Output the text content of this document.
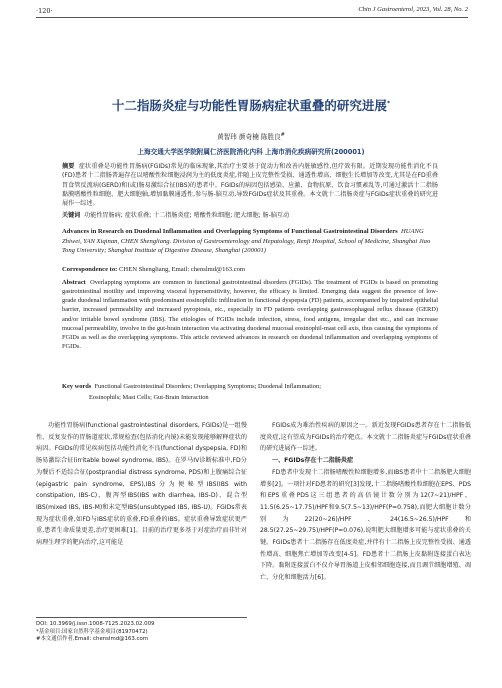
·120·	Chin J Gastroenterol, 2023, Vol. 28, No. 2
十二指肠炎症与功能性胃肠病症状重叠的研究进展*
黄智玮 颜奇楠 陈胜良#
上海交通大学医学院附属仁济医院消化内科 上海市消化疾病研究所(200001)
摘要 症状重叠是功能性胃肠病(FGIDs)常见的临床现象,其治疗主要基于促动力和改善内脏敏感性,但疗效有限。近期发现功能性消化不良(FD)患者十二指肠普遍存在以嗜酸性粒细胞浸润为主的低度炎症,伴随上皮完整性受损、通透性增高、细胞生长增加等改变,尤其是在FD重叠胃食管反流病(GERD)和(或)肠易激综合征(IBS)的患者中。FGIDs的病因包括感染、应激、食物抗原、饮食习惯紊乱等,可通过激活十二指肠黏膜嗜酸性粒细胞、肥大细胞轴,增加黏膜通透性,参与肠-脑互动,导致FGIDs症状及其重叠。本文就十二指肠炎症与FGIDs症状重叠的研究进展作一综述。
关键词 功能性胃肠病; 症状重叠; 十二指肠炎症; 嗜酸性粒细胞; 肥大细胞; 肠-脑互动
Advances in Research on Duodenal Inflammation and Overlapping Symptoms of Functional Gastrointestinal Disorders HUANG Zhiwei, YAN Xiqinan, CHEN Shengliang. Division of Gastroenterology and Hepatology, Renji Hospital, School of Medicine, Shanghai Jiao Tong University; Shanghai Institute of Digestive Disease, Shanghai (200001)
Correspondence to: CHEN Shengliang, Email: chenslmd@163.com
Abstract Overlapping symptoms are common in functional gastrointestinal disorders (FGIDs). The treatment of FGIDs is based on promoting gastrointestinal motility and improving visceral hypersensitivity, however, the efficacy is limited. Emerging data suggest the presence of low-grade duodenal inflammation with predominant eosinophilic infiltration in functional dyspepsia (FD) patients, accompanied by impaired epithelial barrier, increased permeability and increased pyroptosis, etc., especially in FD patients overlapping gastroesophageal reflux disease (GERD) and/or irritable bowel syndrome (IBS). The etiologies of FGIDs include infection, stress, food antigens, irregular diet etc., and can increase mucosal permeability, involve in the gut-brain interaction via activating duodenal mucosal eosinophil-mast cell axis, thus causing the symptoms of FGIDs as well as the overlapping symptoms. This article reviewed advances in research on duodenal inflammation and overlapping symptoms of FGIDs.
Key words Functional Gastrointestinal Disorders; Overlapping Symptoms; Duodenal Inflammation;
Eosinophils; Mast Cells; Gut-Brain Interaction

功能性胃肠病(functional gastrointestinal disorders, FGIDs)是一组慢性、反复发作的胃肠道症状,常规检查(包括消化内镜)未能发现能够解释症状的病因。FGIDs的常见疾病包括功能性消化不良(functional dyspepsia, FD)和肠易激综合征(irritable bowel syndrome, IBS)。在罗马IV诊断标准中,FD分为餐后不适综合征(postprandial distress syndrome, PDS)和上腹痛综合征(epigastric pain syndrome, EPS),IBS分为便秘型IBS(IBS with constipation, IBS-C)、腹泻型IBS(IBS with diarrhea, IBS-D)、混合型IBS(mixed IBS, IBS-M)和未定型IBS(unsubtyped IBS, IBS-U)。FGIDs常表现为症状重叠,如FD与IBS症状的重叠,FD重叠的IBS。症状重叠导致症状更严重,患者生命质量更差,治疗更困难[1]。目前的治疗更多基于对症治疗而非针对病理生理学的靶向治疗,这可能是

FGIDs成为难治性疾病的原因之一。新近发现FGIDs患者存在十二指肠低度炎症,这有望成为FGIDs的治疗靶点。本文就十二指肠炎症与FGIDs症状重叠的研究进展作一综述。

一、FGIDs存在十二指肠炎症

FD患者中发现十二指肠嗜酸性粒细胞增多,而IBS患者中十二指肠肥大细胞增多[2]。一项针对FD患者的研究[3]发现,十二指肠嗜酸性粒细胞在EPS、PDS和EPS重叠PDS这三组患者的高倍镜计数分别为12(7~21)/HPF、11.5(6.25~17.75)/HPF和9.5(7.5~13)/HPF(P=0.758),而肥大细胞计数分别为22(20~26)/HPF、24(16.5~26.5)/HPF和28.5(27.25~29.75)/HPF(P=0.076),说明肥大细胞增多可能与症状重叠的关键。FGIDs患者十二指肠存在低度炎症,并伴有十二指肠上皮完整性受损、通透性增高、细胞焦亡增加等改变[4-5]。FD患者十二指肠上皮黏附连接蛋白表达下降。黏附连接蛋白不仅介导胃肠道上皮相邻细胞连接,而且调节细胞增殖、凋亡、分化和细胞活力[6]。

DOI: 10.3969/j.issn.1008-7125.2023.02.009
*基金项目:国家自然科学基金项目(81970472)
#本文通信作者,Email: chenslmd@163.com
